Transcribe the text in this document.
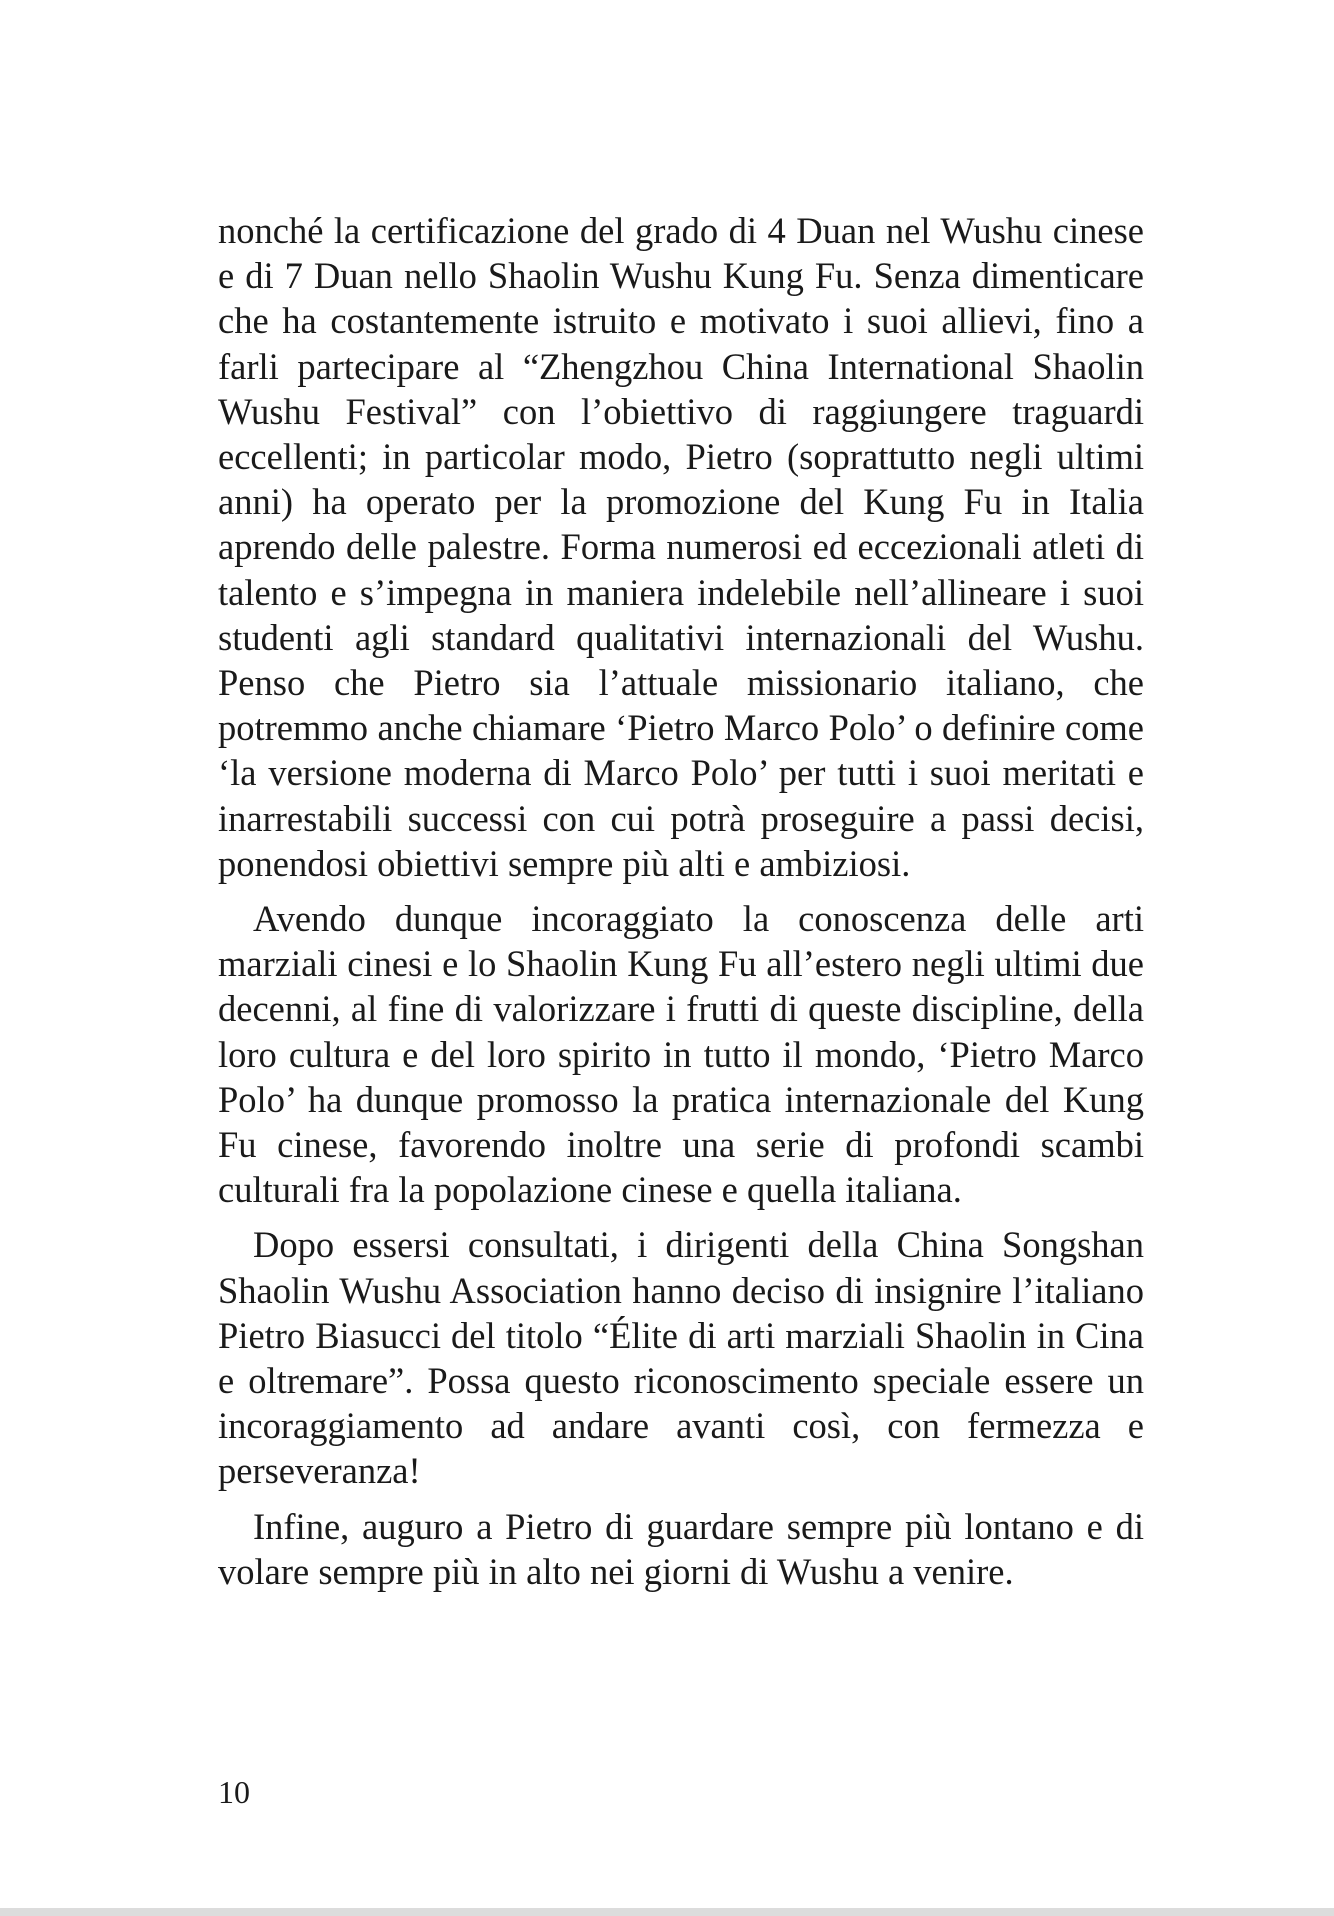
nonché la certificazione del grado di 4 Duan nel Wushu cinese e di 7 Duan nello Shaolin Wushu Kung Fu. Senza dimenticare che ha costantemente istruito e motivato i suoi allievi, fino a farli partecipare al “Zhengzhou China International Shaolin Wushu Festival” con l’obiettivo di raggiungere traguardi eccellenti; in particolar modo, Pietro (soprattutto negli ultimi anni) ha operato per la promozione del Kung Fu in Italia aprendo delle palestre. Forma numerosi ed eccezionali atleti di talento e s’impegna in maniera indelebile nell’allineare i suoi studenti agli standard qualitativi internazionali del Wushu. Penso che Pietro sia l’attuale missionario italiano, che potremmo anche chiamare ‘Pietro Marco Polo’ o definire come ‘la versione moderna di Marco Polo’ per tutti i suoi meritati e inarrestabili successi con cui potrà proseguire a passi decisi, ponendosi obiettivi sempre più alti e ambiziosi.

Avendo dunque incoraggiato la conoscenza delle arti marziali cinesi e lo Shaolin Kung Fu all’estero negli ultimi due decenni, al fine di valorizzare i frutti di queste discipline, della loro cultura e del loro spirito in tutto il mondo, ‘Pietro Marco Polo’ ha dunque promosso la pratica internazionale del Kung Fu cinese, favorendo inoltre una serie di profondi scambi culturali fra la popolazione cinese e quella italiana.

Dopo essersi consultati, i dirigenti della China Songshan Shaolin Wushu Association hanno deciso di insignire l’italiano Pietro Biasucci del titolo “Élite di arti marziali Shaolin in Cina e oltremare”. Possa questo riconoscimento speciale essere un incoraggiamento ad andare avanti così, con fermezza e perseveranza!

Infine, auguro a Pietro di guardare sempre più lontano e di volare sempre più in alto nei giorni di Wushu a venire.

10
